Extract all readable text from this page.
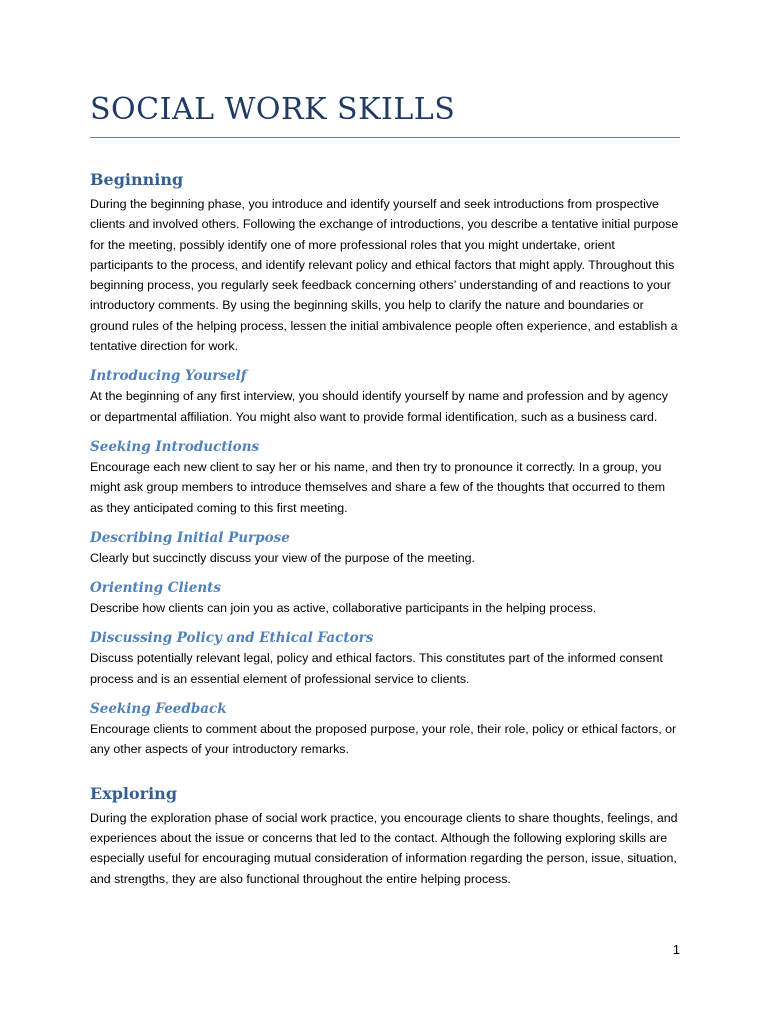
SOCIAL WORK SKILLS
Beginning

During the beginning phase, you introduce and identify yourself and seek introductions from prospective clients and involved others. Following the exchange of introductions, you describe a tentative initial purpose for the meeting, possibly identify one of more professional roles that you might undertake, orient participants to the process, and identify relevant policy and ethical factors that might apply. Throughout this beginning process, you regularly seek feedback concerning others’ understanding of and reactions to your introductory comments. By using the beginning skills, you help to clarify the nature and boundaries or ground rules of the helping process, lessen the initial ambivalence people often experience, and establish a tentative direction for work.

Introducing Yourself

At the beginning of any first interview, you should identify yourself by name and profession and by agency or departmental affiliation. You might also want to provide formal identification, such as a business card.

Seeking Introductions

Encourage each new client to say her or his name, and then try to pronounce it correctly. In a group, you might ask group members to introduce themselves and share a few of the thoughts that occurred to them as they anticipated coming to this first meeting.

Describing Initial Purpose

Clearly but succinctly discuss your view of the purpose of the meeting.

Orienting Clients

Describe how clients can join you as active, collaborative participants in the helping process.

Discussing Policy and Ethical Factors

Discuss potentially relevant legal, policy and ethical factors. This constitutes part of the informed consent process and is an essential element of professional service to clients.

Seeking Feedback

Encourage clients to comment about the proposed purpose, your role, their role, policy or ethical factors, or any other aspects of your introductory remarks.

Exploring

During the exploration phase of social work practice, you encourage clients to share thoughts, feelings, and experiences about the issue or concerns that led to the contact. Although the following exploring skills are especially useful for encouraging mutual consideration of information regarding the person, issue, situation, and strengths, they are also functional throughout the entire helping process.

1
